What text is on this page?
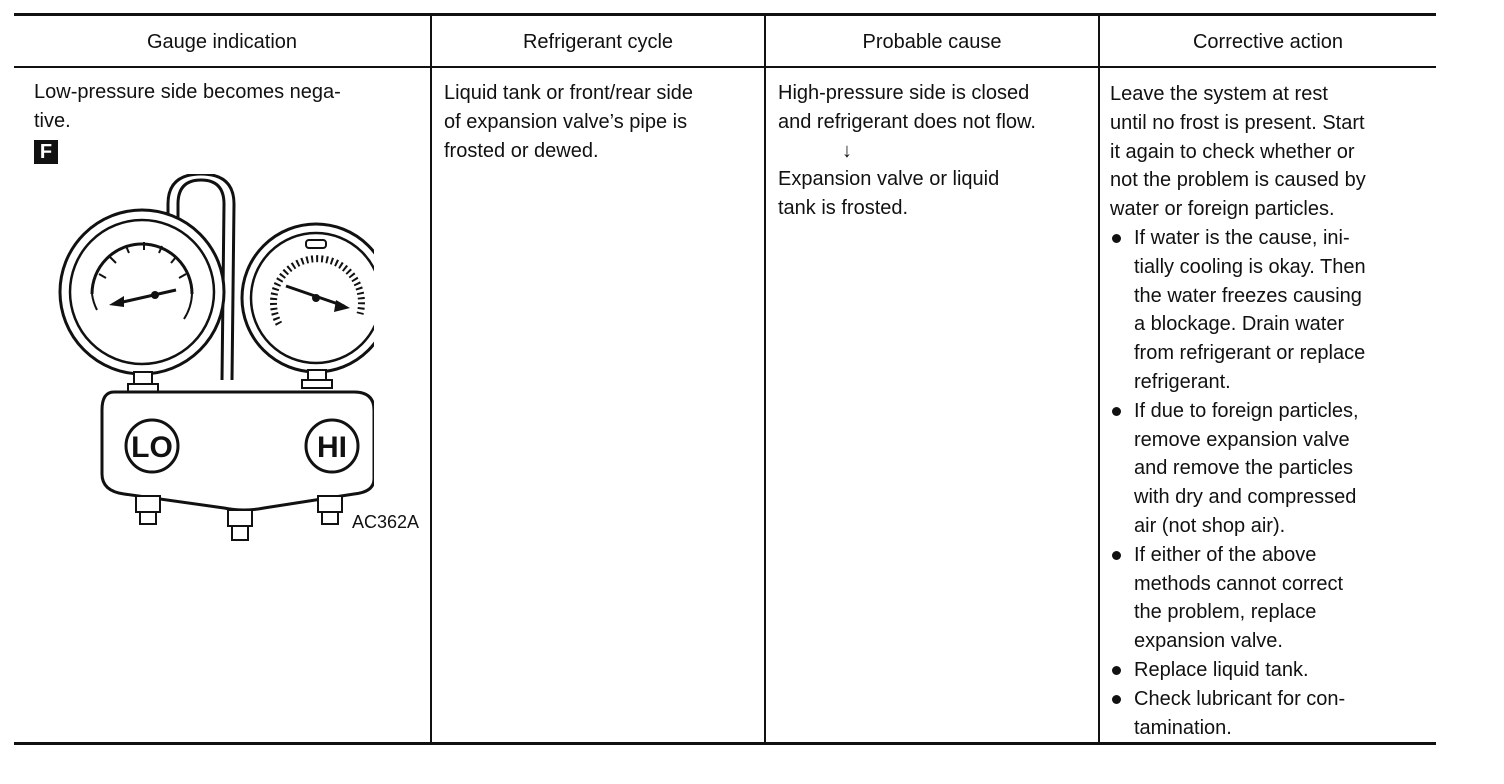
Gauge indication
Low-pressure side becomes nega-
tive.
F
LO	HI
AC362A
Refrigerant cycle
Liquid tank or front/rear side
of expansion valve’s pipe is
frosted or dewed.
Probable cause
High-pressure side is closed
and refrigerant does not flow.
↓
Expansion valve or liquid
tank is frosted.
Corrective action
Leave the system at rest
until no frost is present. Start
it again to check whether or
not the problem is caused by
water or foreign particles.
If water is the cause, ini-
tially cooling is okay. Then
the water freezes causing
a blockage. Drain water
from refrigerant or replace
refrigerant.
If due to foreign particles,
remove expansion valve
and remove the particles
with dry and compressed
air (not shop air).
If either of the above
methods cannot correct
the problem, replace
expansion valve.
Replace liquid tank.
Check lubricant for con-
tamination.
